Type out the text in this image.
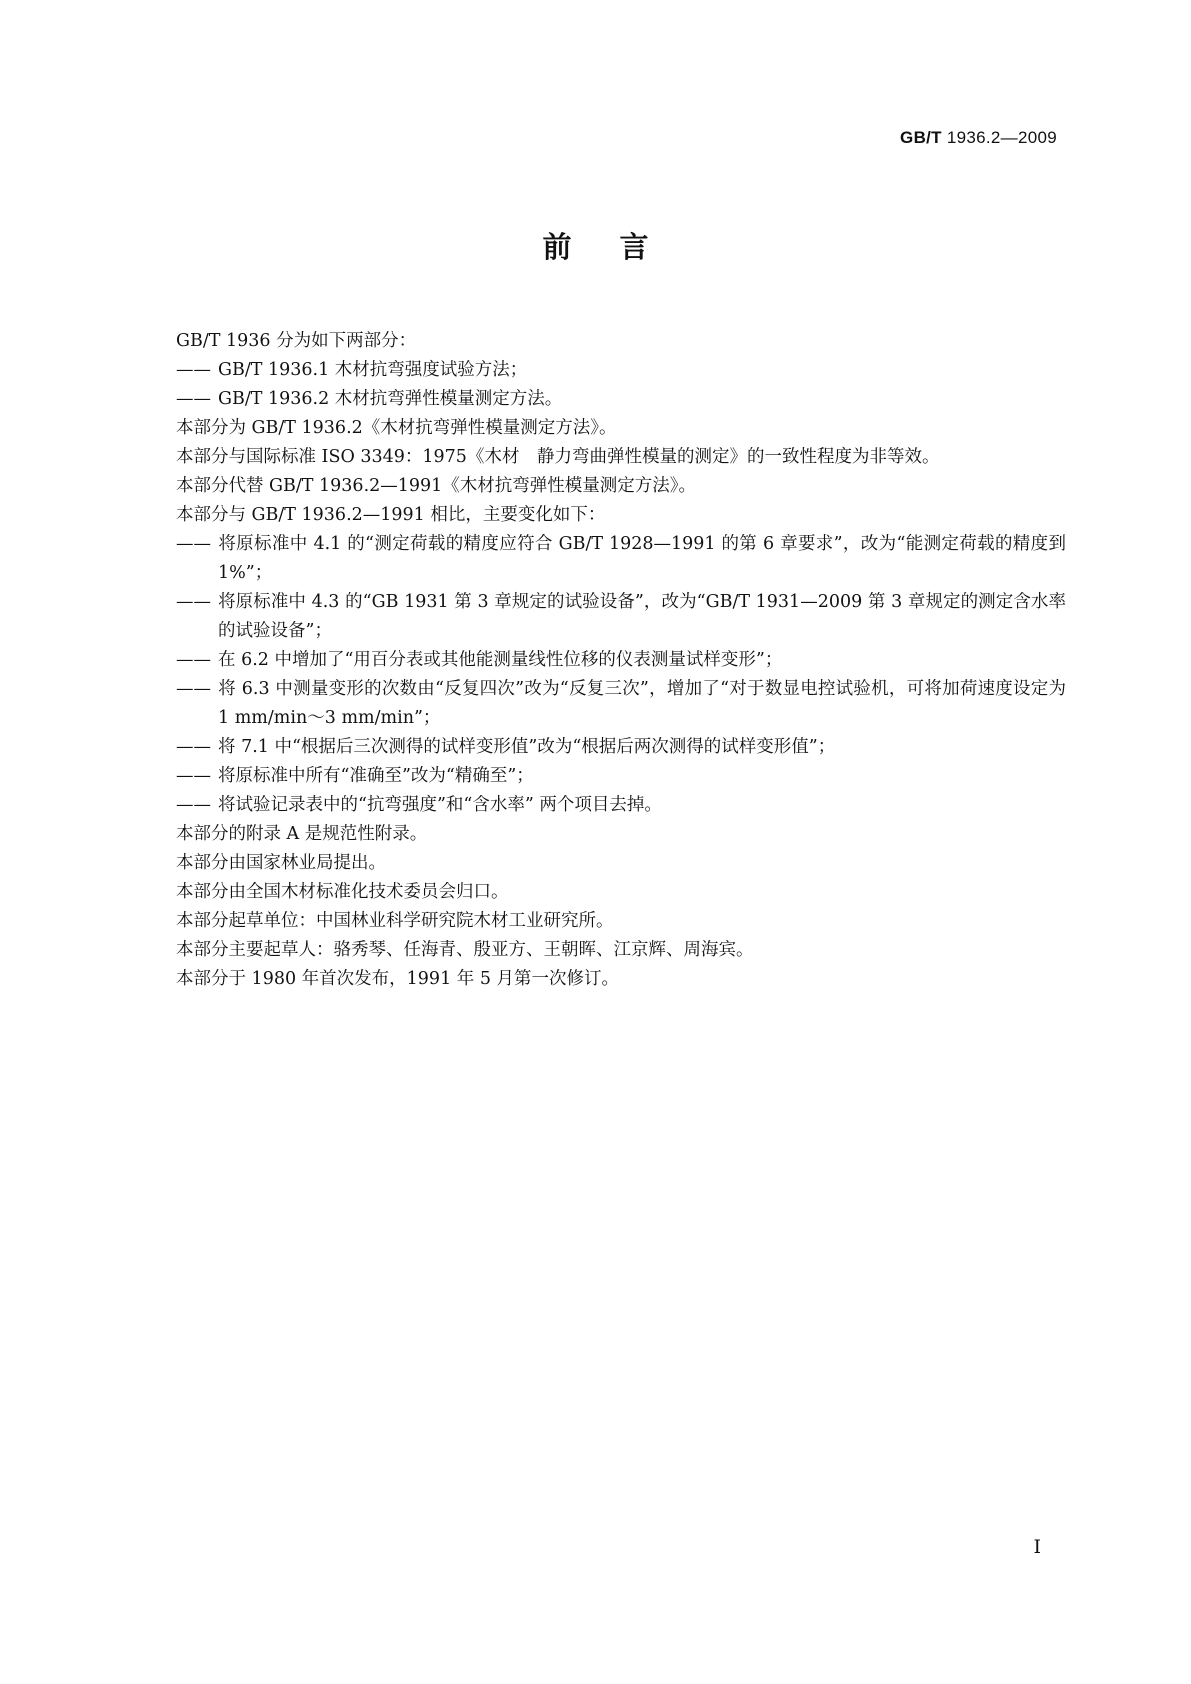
GB/T 1936.2—2009
前言

GB/T 1936 分为如下两部分：

—— GB/T 1936.1 木材抗弯强度试验方法；

—— GB/T 1936.2 木材抗弯弹性模量测定方法。

本部分为 GB/T 1936.2《木材抗弯弹性模量测定方法》。

本部分与国际标准 ISO 3349：1975《木材　静力弯曲弹性模量的测定》的一致性程度为非等效。

本部分代替 GB/T 1936.2—1991《木材抗弯弹性模量测定方法》。

本部分与 GB/T 1936.2—1991 相比，主要变化如下：

—— 将原标准中 4.1 的“测定荷载的精度应符合 GB/T 1928—1991 的第 6 章要求”，改为“能测定荷载的精度到 1%”；

—— 将原标准中 4.3 的“GB 1931 第 3 章规定的试验设备”，改为“GB/T 1931—2009 第 3 章规定的测定含水率的试验设备”；

—— 在 6.2 中增加了“用百分表或其他能测量线性位移的仪表测量试样变形”；

—— 将 6.3 中测量变形的次数由“反复四次”改为“反复三次”，增加了“对于数显电控试验机，可将加荷速度设定为 1 mm/min～3 mm/min”；

—— 将 7.1 中“根据后三次测得的试样变形值”改为“根据后两次测得的试样变形值”；

—— 将原标准中所有“准确至”改为“精确至”；

—— 将试验记录表中的“抗弯强度”和“含水率” 两个项目去掉。

本部分的附录 A 是规范性附录。

本部分由国家林业局提出。

本部分由全国木材标准化技术委员会归口。

本部分起草单位：中国林业科学研究院木材工业研究所。

本部分主要起草人：骆秀琴、任海青、殷亚方、王朝晖、江京辉、周海宾。

本部分于 1980 年首次发布，1991 年 5 月第一次修订。

I
